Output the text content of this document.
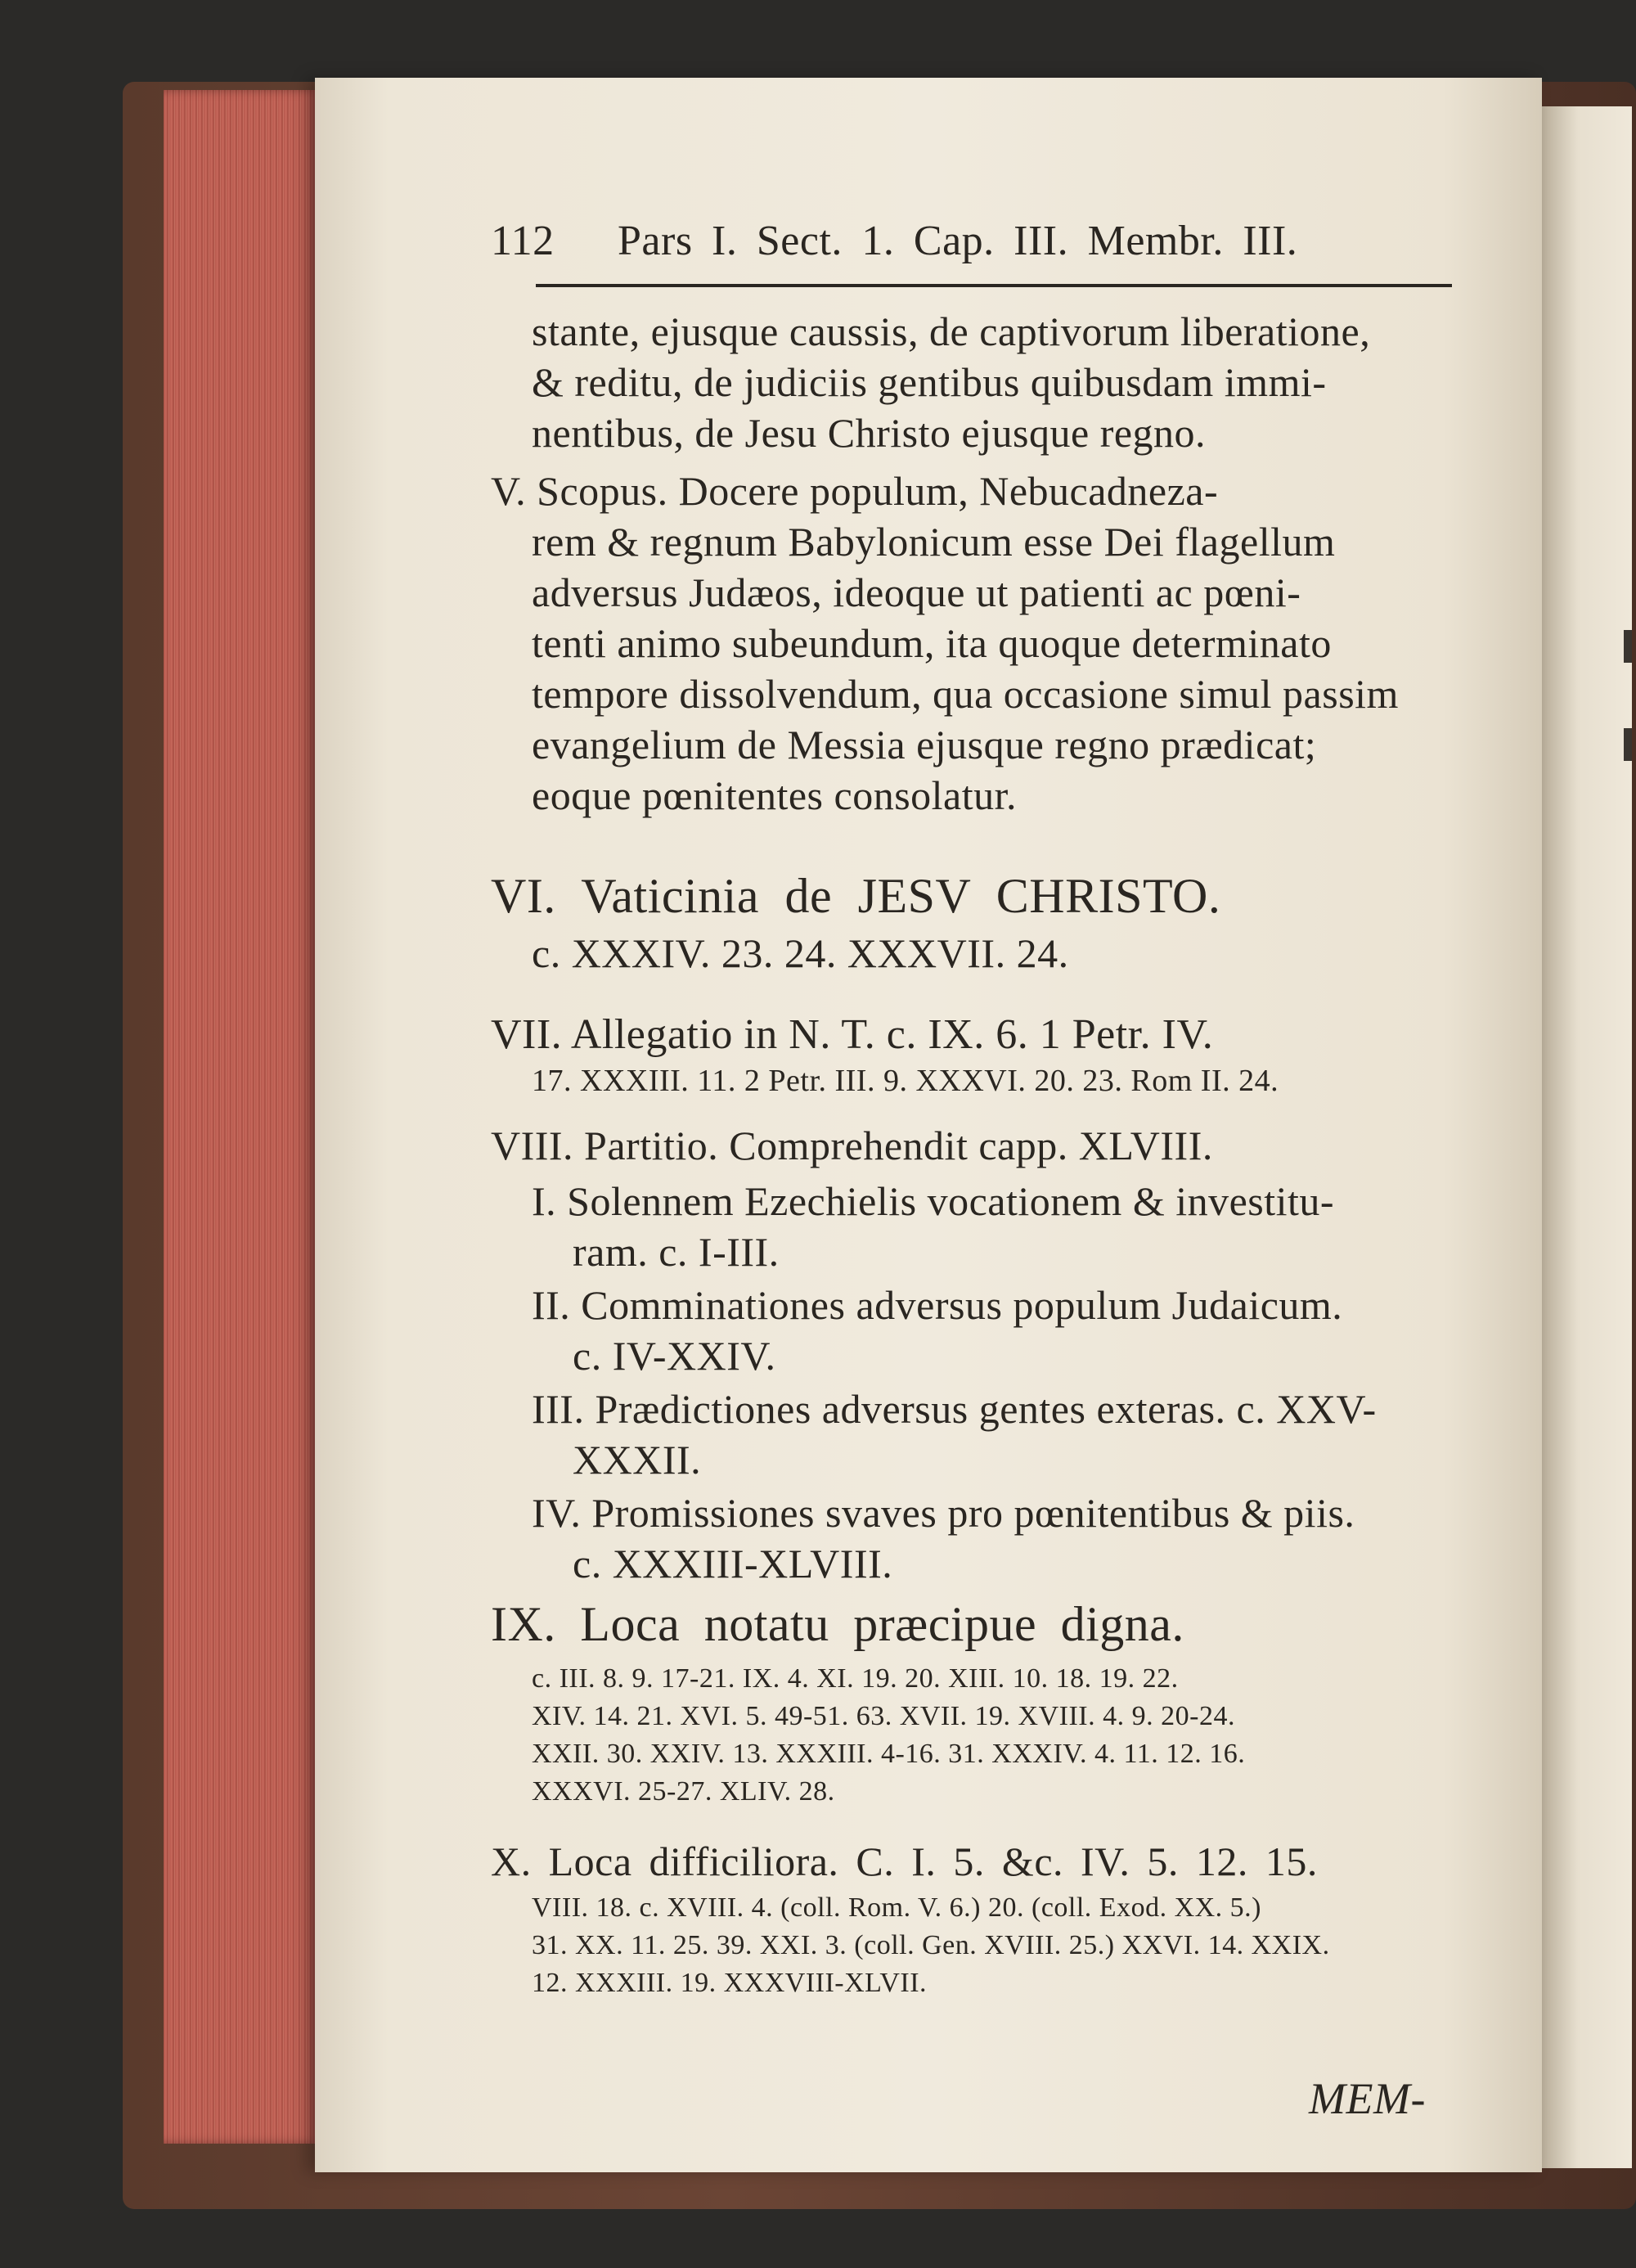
112 Pars I. Sect. 1. Cap. III. Membr. III.
stante, ejusque caussis, de captivorum liberatione,
& reditu, de judiciis gentibus quibusdam immi-
nentibus, de Jesu Christo ejusque regno.
V. Scopus. Docere populum, Nebucadneza-
rem & regnum Babylonicum esse Dei flagellum
adversus Judæos, ideoque ut patienti ac pœni-
tenti animo subeundum, ita quoque determinato
tempore dissolvendum, qua occasione simul passim
evangelium de Messia ejusque regno prædicat;
eoque pœnitentes consolatur.
VI. Vaticinia de JESV CHRISTO.
c. XXXIV. 23. 24. XXXVII. 24.
VII. Allegatio in N. T. c. IX. 6. 1 Petr. IV.
17. XXXIII. 11. 2 Petr. III. 9. XXXVI. 20. 23. Rom II. 24.
VIII. Partitio. Comprehendit capp. XLVIII.
I. Solennem Ezechielis vocationem & investitu-
ram. c. I-III.
II. Comminationes adversus populum Judaicum.
c. IV-XXIV.
III. Prædictiones adversus gentes exteras. c. XXV-
XXXII.
IV. Promissiones svaves pro pœnitentibus & piis.
c. XXXIII-XLVIII.
IX. Loca notatu præcipue digna.
c. III. 8. 9. 17-21. IX. 4. XI. 19. 20. XIII. 10. 18. 19. 22.
XIV. 14. 21. XVI. 5. 49-51. 63. XVII. 19. XVIII. 4. 9. 20-24.
XXII. 30. XXIV. 13. XXXIII. 4-16. 31. XXXIV. 4. 11. 12. 16.
XXXVI. 25-27. XLIV. 28.
X. Loca difficiliora. C. I. 5. &c. IV. 5. 12. 15.
VIII. 18. c. XVIII. 4. (coll. Rom. V. 6.) 20. (coll. Exod. XX. 5.)
31. XX. 11. 25. 39. XXI. 3. (coll. Gen. XVIII. 25.) XXVI. 14. XXIX.
12. XXXIII. 19. XXXVIII-XLVII.
MEM-
